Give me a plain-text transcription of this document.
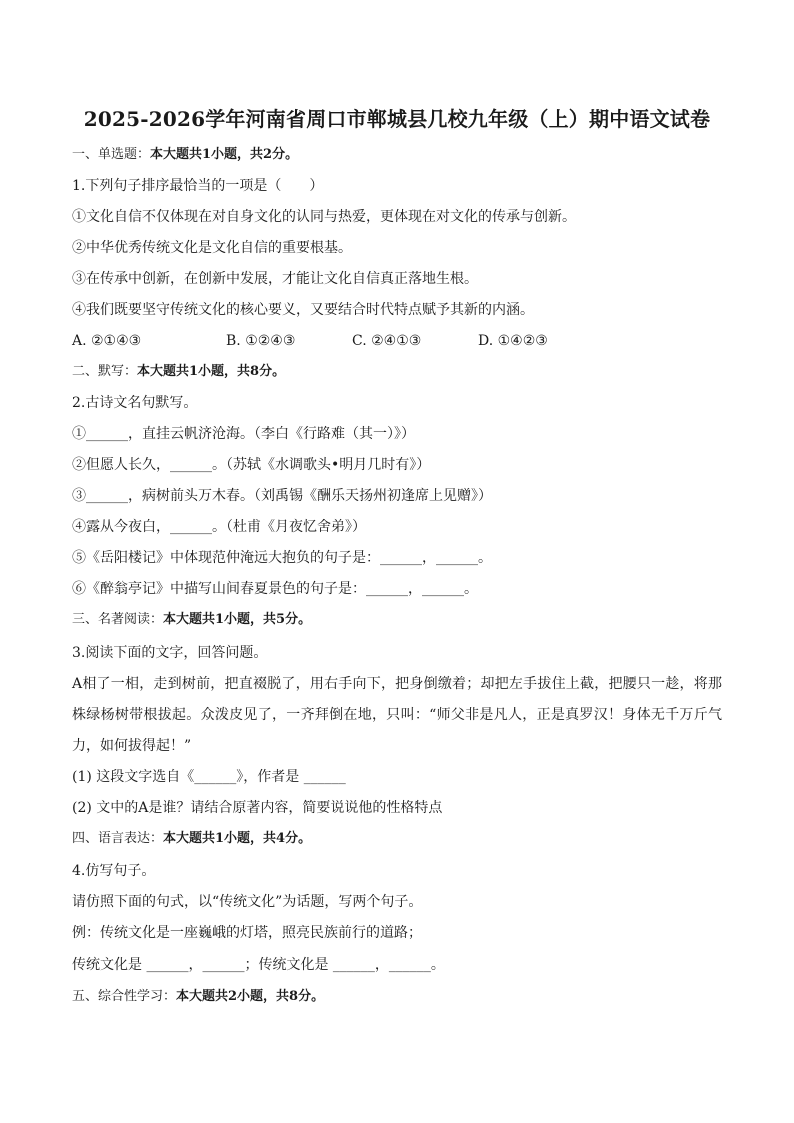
2025-2026学年河南省周口市郸城县几校九年级（上）期中语文试卷
一、单选题：本大题共1小题，共2分。
1.下列句子排序最恰当的一项是（　　）
①文化自信不仅体现在对自身文化的认同与热爱，更体现在对文化的传承与创新。
②中华优秀传统文化是文化自信的重要根基。
③在传承中创新，在创新中发展，才能让文化自信真正落地生根。
④我们既要坚守传统文化的核心要义，又要结合时代特点赋予其新的内涵。
A. ②①④③	B. ①②④③	C. ②④①③	D. ①④②③
二、默写：本大题共1小题，共8分。
2.古诗文名句默写。
①______，直挂云帆济沧海。（李白《行路难（其一）》）
②但愿人长久，______。（苏轼《水调歌头•明月几时有》）
③______，病树前头万木春。（刘禹锡《酬乐天扬州初逢席上见赠》）
④露从今夜白，______。（杜甫《月夜忆舍弟》）
⑤《岳阳楼记》中体现范仲淹远大抱负的句子是：______，______。
⑥《醉翁亭记》中描写山间春夏景色的句子是：______，______。
三、名著阅读：本大题共1小题，共5分。
3.阅读下面的文字，回答问题。
A相了一相，走到树前，把直裰脱了，用右手向下，把身倒缴着；却把左手拔住上截，把腰只一趁，将那株绿杨树带根拔起。众泼皮见了，一齐拜倒在地，只叫：“师父非是凡人，正是真罗汉！身体无千万斤气力，如何拔得起！”
(1) 这段文字选自《______》，作者是 ______
(2) 文中的A是谁？请结合原著内容，简要说说他的性格特点
四、语言表达：本大题共1小题，共4分。
4.仿写句子。
请仿照下面的句式，以“传统文化”为话题，写两个句子。
例：传统文化是一座巍峨的灯塔，照亮民族前行的道路；
传统文化是 ______，______；传统文化是 ______，______。
五、综合性学习：本大题共2小题，共8分。
